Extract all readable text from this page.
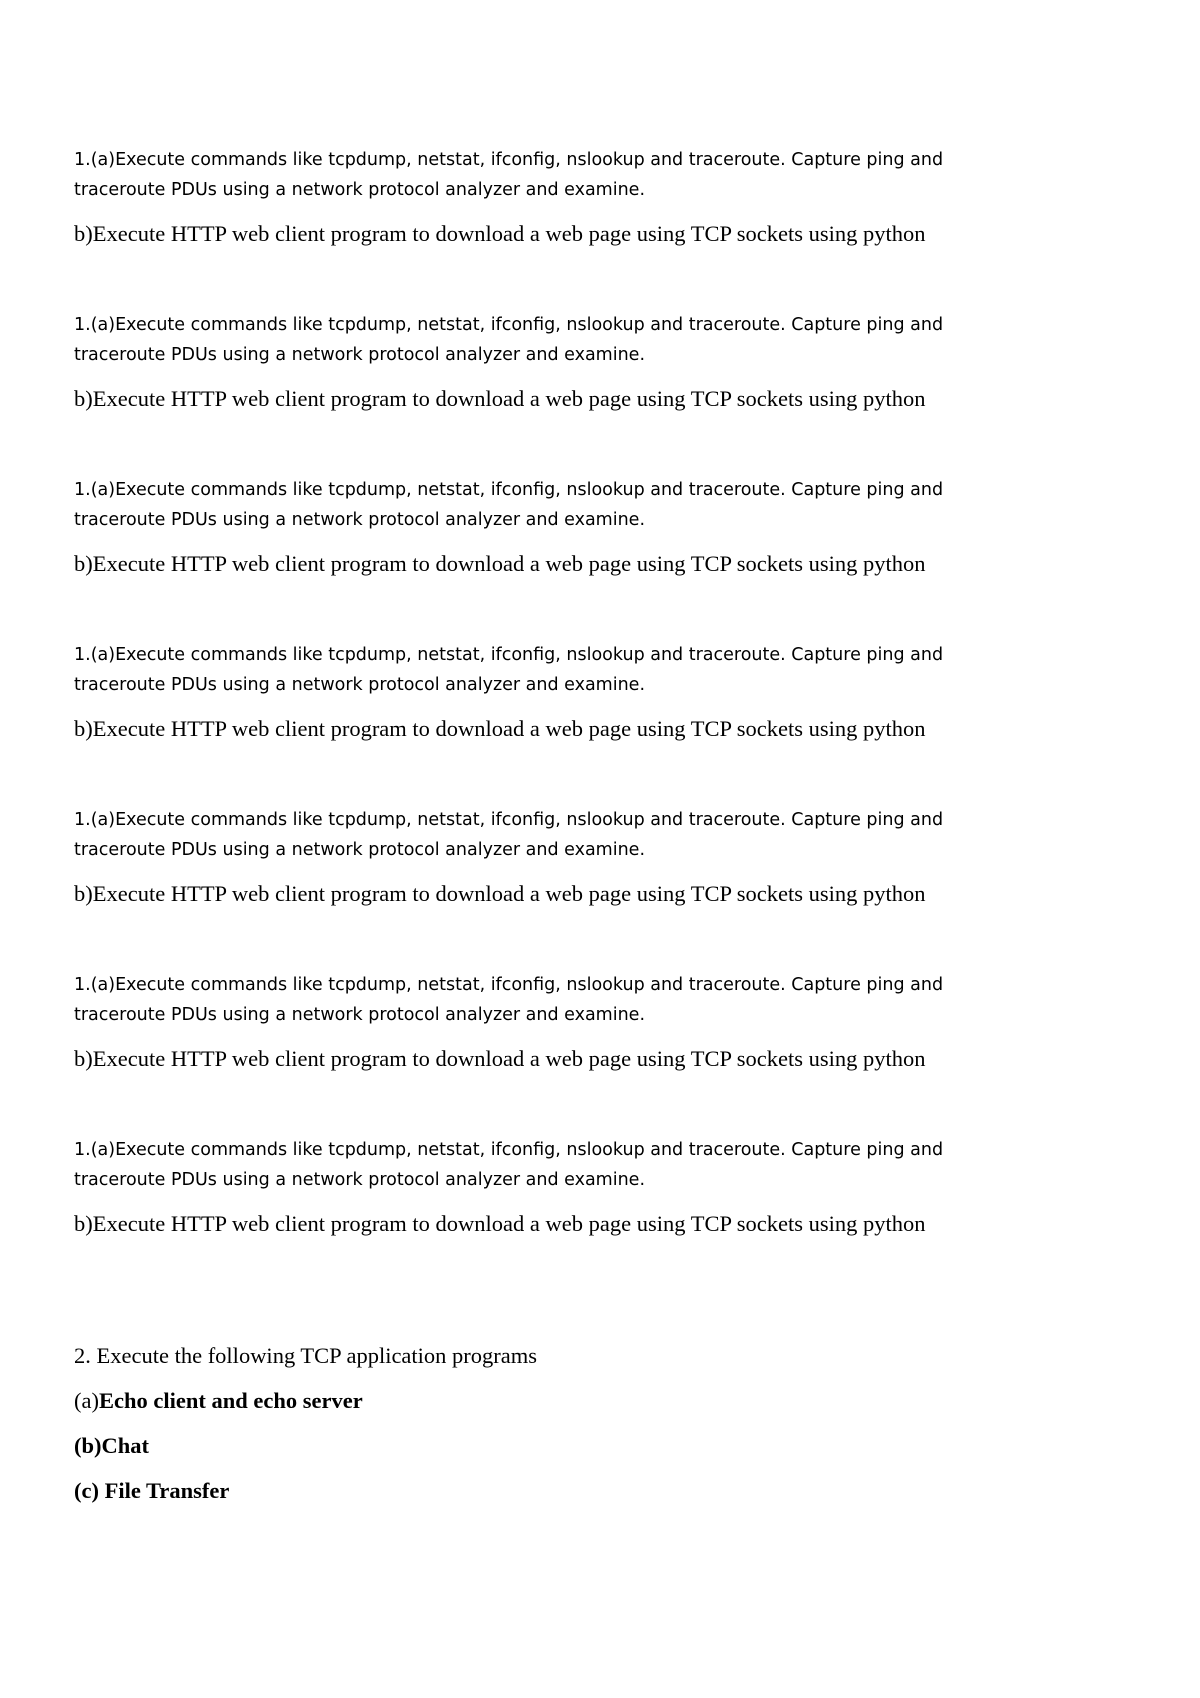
1.(a)Execute commands like tcpdump, netstat, ifconfig, nslookup and traceroute. Capture ping and

traceroute PDUs using a network protocol analyzer and examine.

b)Execute HTTP web client program to download a web page using TCP sockets using python

1.(a)Execute commands like tcpdump, netstat, ifconfig, nslookup and traceroute. Capture ping and

traceroute PDUs using a network protocol analyzer and examine.

b)Execute HTTP web client program to download a web page using TCP sockets using python

1.(a)Execute commands like tcpdump, netstat, ifconfig, nslookup and traceroute. Capture ping and

traceroute PDUs using a network protocol analyzer and examine.

b)Execute HTTP web client program to download a web page using TCP sockets using python

1.(a)Execute commands like tcpdump, netstat, ifconfig, nslookup and traceroute. Capture ping and

traceroute PDUs using a network protocol analyzer and examine.

b)Execute HTTP web client program to download a web page using TCP sockets using python

1.(a)Execute commands like tcpdump, netstat, ifconfig, nslookup and traceroute. Capture ping and

traceroute PDUs using a network protocol analyzer and examine.

b)Execute HTTP web client program to download a web page using TCP sockets using python

1.(a)Execute commands like tcpdump, netstat, ifconfig, nslookup and traceroute. Capture ping and

traceroute PDUs using a network protocol analyzer and examine.

b)Execute HTTP web client program to download a web page using TCP sockets using python

1.(a)Execute commands like tcpdump, netstat, ifconfig, nslookup and traceroute. Capture ping and

traceroute PDUs using a network protocol analyzer and examine.

b)Execute HTTP web client program to download a web page using TCP sockets using python

2. Execute the following TCP application programs

(a)Echo client and echo server

(b)Chat

(c) File Transfer
